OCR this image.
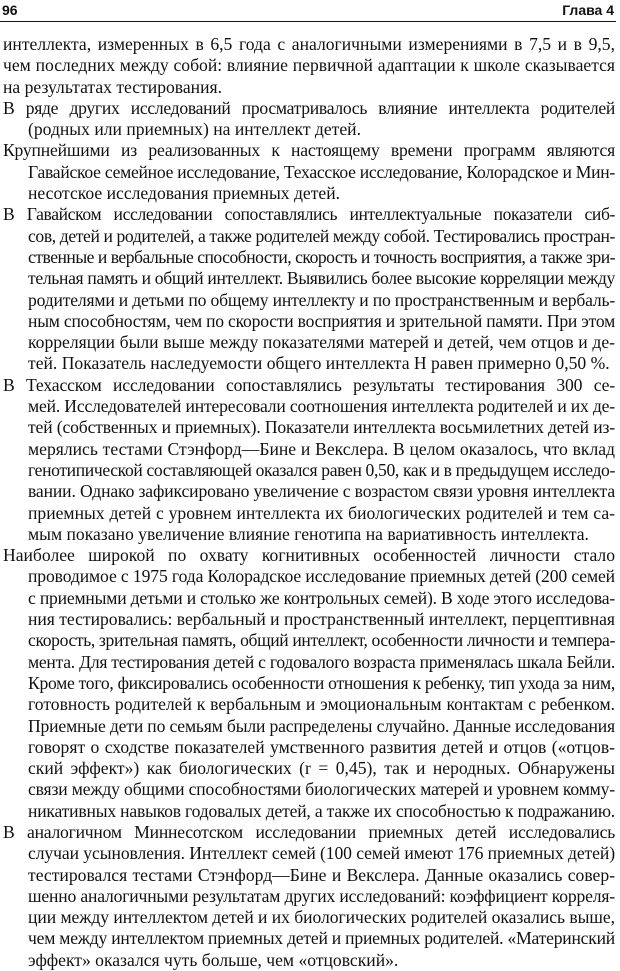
96	Глава 4

интеллекта, измеренных в 6,5 года с аналогичными измерениями в 7,5 и в 9,5,
чем последних между собой: влияние первичной адаптации к школе сказывается
на результатах тестирования.

В ряде других исследований просматривалось влияние интеллекта родителей
(родных или приемных) на интеллект детей.

Крупнейшими из реализованных к настоящему времени программ являются
Гавайское семейное исследование, Техасское исследование, Колорадское и Мин-
несотское исследования приемных детей.

В Гавайском исследовании сопоставлялись интеллектуальные показатели сиб-
сов, детей и родителей, а также родителей между собой. Тестировались простран-
ственные и вербальные способности, скорость и точность восприятия, а также зри-
тельная память и общий интеллект. Выявились более высокие корреляции между
родителями и детьми по общему интеллекту и по пространственным и вербаль-
ным способностям, чем по скорости восприятия и зрительной памяти. При этом
корреляции были выше между показателями матерей и детей, чем отцов и де-
тей. Показатель наследуемости общего интеллекта Н равен примерно 0,50 %.

В Техасском исследовании сопоставлялись результаты тестирования 300 се-
мей. Исследователей интересовали соотношения интеллекта родителей и их де-
тей (собственных и приемных). Показатели интеллекта восьмилетних детей из-
мерялись тестами Стэнфорд—Бине и Векслера. В целом оказалось, что вклад
генотипической составляющей оказался равен 0,50, как и в предыдущем исследо-
вании. Однако зафиксировано увеличение с возрастом связи уровня интеллекта
приемных детей с уровнем интеллекта их биологических родителей и тем са-
мым показано увеличение влияние генотипа на вариативность интеллекта.

Наиболее широкой по охвату когнитивных особенностей личности стало
проводимое с 1975 года Колорадское исследование приемных детей (200 семей
с приемными детьми и столько же контрольных семей). В ходе этого исследова-
ния тестировались: вербальный и пространственный интеллект, перцептивная
скорость, зрительная память, общий интеллект, особенности личности и темпера-
мента. Для тестирования детей с годовалого возраста применялась шкала Бейли.
Кроме того, фиксировались особенности отношения к ребенку, тип ухода за ним,
готовность родителей к вербальным и эмоциональным контактам с ребенком.
Приемные дети по семьям были распределены случайно. Данные исследования
говорят о сходстве показателей умственного развития детей и отцов («отцов-
ский эффект») как биологических (r = 0,45), так и неродных. Обнаружены
связи между общими способностями биологических матерей и уровнем комму-
никативных навыков годовалых детей, а также их способностью к подражанию.

В аналогичном Миннесотском исследовании приемных детей исследовались
случаи усыновления. Интеллект семей (100 семей имеют 176 приемных детей)
тестировался тестами Стэнфорд—Бине и Векслера. Данные оказались совер-
шенно аналогичными результатам других исследований: коэффициент корреля-
ции между интеллектом детей и их биологических родителей оказались выше,
чем между интеллектом приемных детей и приемных родителей. «Материнский
эффект» оказался чуть больше, чем «отцовский».
